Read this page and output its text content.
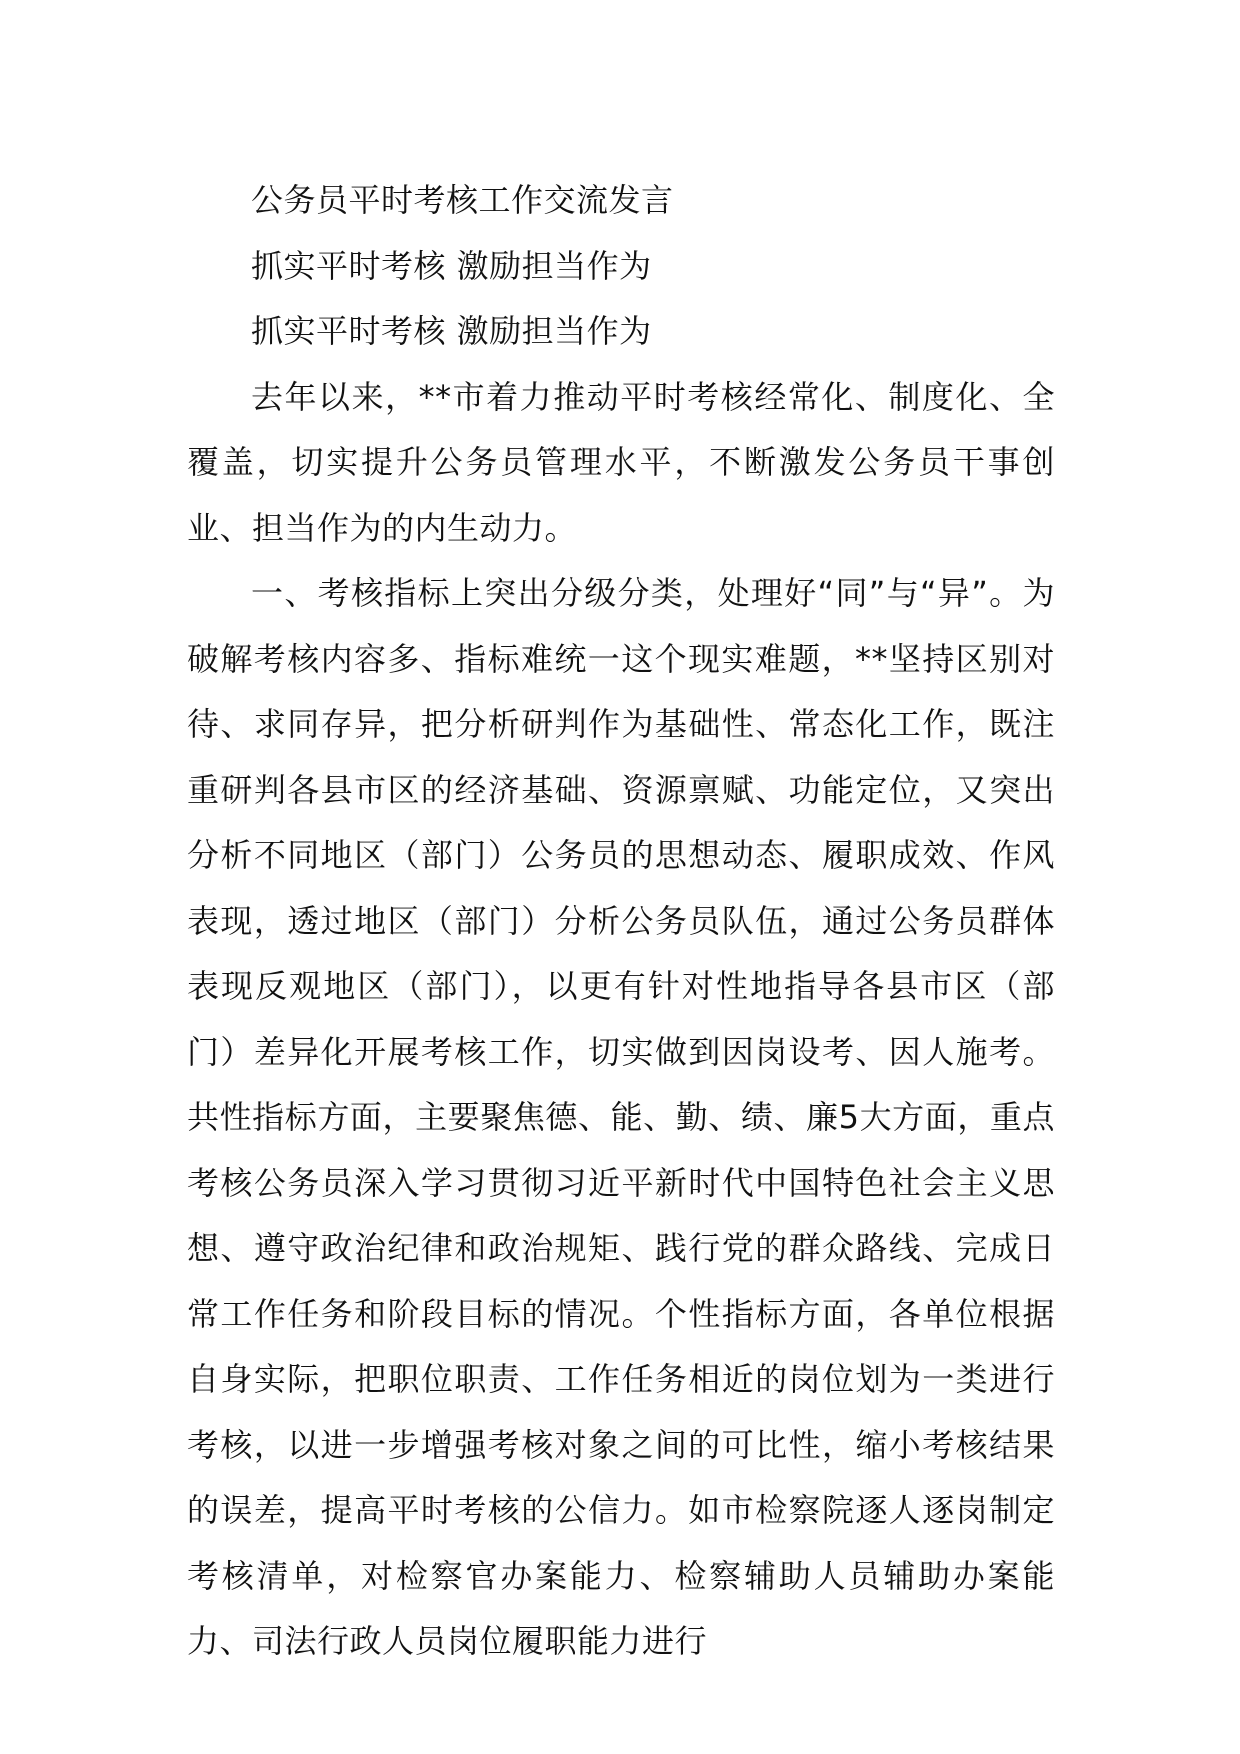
公务员平时考核工作交流发言

抓实平时考核 激励担当作为

抓实平时考核 激励担当作为

去年以来，**市着力推动平时考核经常化、制度化、全覆盖，切实提升公务员管理水平，不断激发公务员干事创业、担当作为的内生动力。

一、考核指标上突出分级分类，处理好“同”与“异”。为破解考核内容多、指标难统一这个现实难题，**坚持区别对待、求同存异，把分析研判作为基础性、常态化工作，既注重研判各县市区的经济基础、资源禀赋、功能定位，又突出分析不同地区（部门）公务员的思想动态、履职成效、作风表现，透过地区（部门）分析公务员队伍，通过公务员群体表现反观地区（部门），以更有针对性地指导各县市区（部门）差异化开展考核工作，切实做到因岗设考、因人施考。共性指标方面，主要聚焦德、能、勤、绩、廉5大方面，重点考核公务员深入学习贯彻习近平新时代中国特色社会主义思想、遵守政治纪律和政治规矩、践行党的群众路线、完成日常工作任务和阶段目标的情况。个性指标方面，各单位根据自身实际，把职位职责、工作任务相近的岗位划为一类进行考核，以进一步增强考核对象之间的可比性，缩小考核结果的误差，提高平时考核的公信力。如市检察院逐人逐岗制定考核清单，对检察官办案能力、检察辅助人员辅助办案能力、司法行政人员岗位履职能力进行
